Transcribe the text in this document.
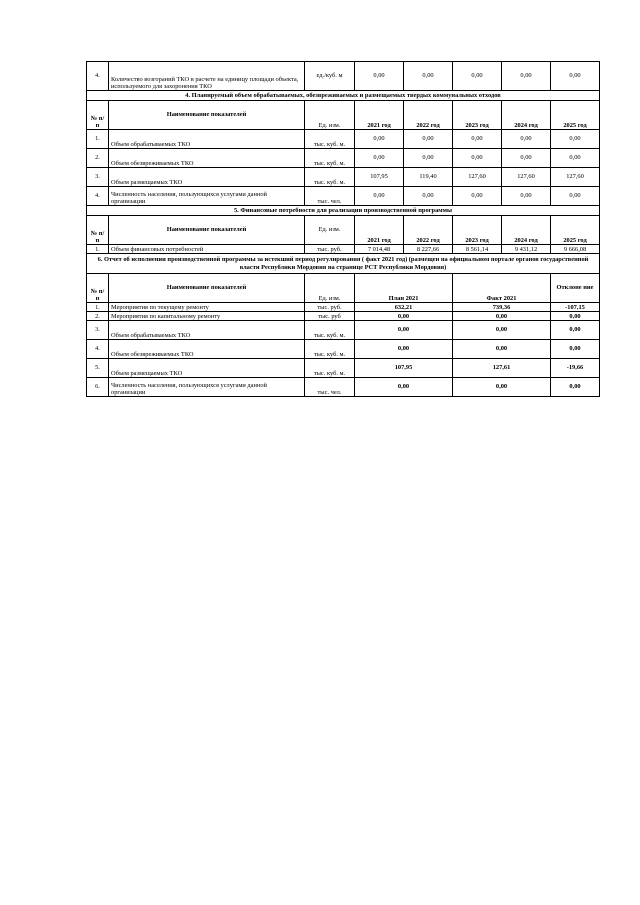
4.	Количество возгораний ТКО в расчете на единицу площади объекта, используемого для захоронения ТКО	ед./куб. м	0,00	0,00	0,00	0,00	0,00
4. Планируемый объем обрабатываемых, обезвреживаемых и размещаемых твердых коммунальных отходов							
№ п/ п	Наименование показателей	Ед. изм.	2021 год	2022 год	2023 год	2024 год	2025 год
1.	Объем обрабатываемых ТКО	тыс. куб. м.	0,00	0,00	0,00	0,00	0,00
2.	Объем обезвреживаемых ТКО	тыс. куб. м.	0,00	0,00	0,00	0,00	0,00
3.	Объем размещаемых ТКО	тыс. куб. м.	107,95	119,40	127,60	127,60	127,60
4.	Численность населения, пользующихся услугами данной организации	тыс. чел.	0,00	0,00	0,00	0,00	0,00
5. Финансовые потребности для реализации производственной программы							
№ п/ п	Наименование показателей	Ед. изм.	2021 год	2022 год	2023 год	2024 год	2025 год
1.	Объем финансовых потребностей	тыс. руб.	7 014,48	8 227,66	8 561,14	9 431,12	9 666,08
6. Отчет об исполнении производственной программы за истекший период регулирования ( факт 2021 год) (размещен на официальном портале органов государственной власти Республики Мордовия на странице РСТ Республики Мордовия)							
№ п/ п	Наименование показателей	Ед. изм.	План 2021		Факт 2021		Отклоне ние
1.	Мероприятия по текущему ремонту	тыс. руб.	632,21		739,36		-107,15
2.	Мероприятия по капитальному ремонту	тыс. руб	0,00		0,00		0,00
3.	Объем обрабатываемых ТКО	тыс. куб. м.	0,00		0,00		0,00
4.	Объем обезвреживаемых ТКО	тыс. куб. м.	0,00		0,00		0,00
5.	Объем размещаемых ТКО	тыс. куб. м.	107,95		127,61		-19,66
6.	Численность населения, пользующихся услугами данной организации	тыс. чел.	0,00		0,00		0,00
